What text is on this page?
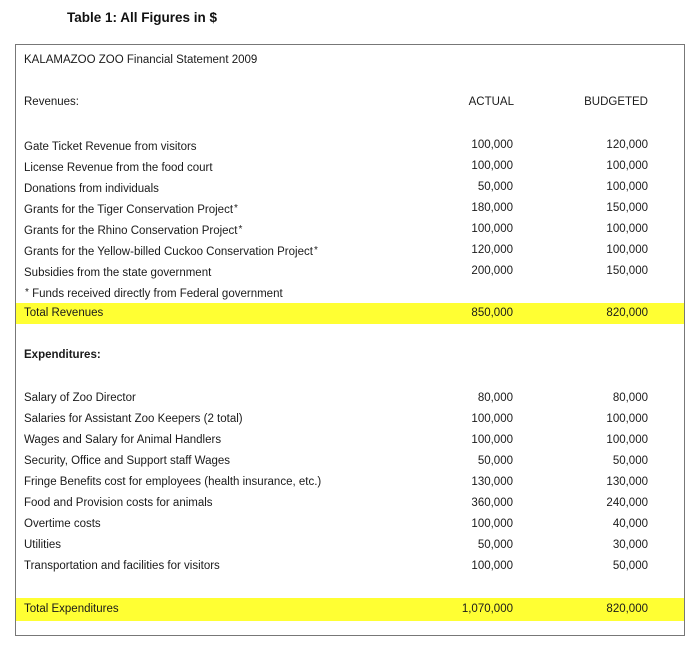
Table 1: All Figures in $
KALAMAZOO ZOO Financial Statement 2009
Revenues:	ACTUAL	BUDGETED
Gate Ticket Revenue from visitors	100,000	120,000
License Revenue from the food court	100,000	100,000
Donations from individuals	50,000	100,000
Grants for the Tiger Conservation Project*	180,000	150,000
Grants for the Rhino Conservation Project*	100,000	100,000
Grants for the Yellow-billed Cuckoo Conservation Project*	120,000	100,000
Subsidies from the state government	200,000	150,000
* Funds received directly from Federal government
Total Revenues	850,000	820,000
Expenditures:
Salary of Zoo Director	80,000	80,000
Salaries for Assistant Zoo Keepers (2 total)	100,000	100,000
Wages and Salary for Animal Handlers	100,000	100,000
Security, Office and Support staff Wages	50,000	50,000
Fringe Benefits cost for employees (health insurance, etc.)	130,000	130,000
Food and Provision costs for animals	360,000	240,000
Overtime costs	100,000	40,000
Utilities	50,000	30,000
Transportation and facilities for visitors	100,000	50,000
Total Expenditures	1,070,000	820,000
